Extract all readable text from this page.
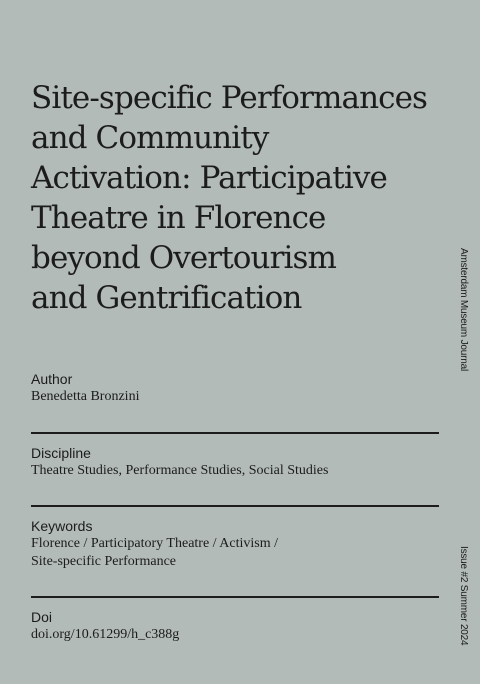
Site-specific Performances
and Community
Activation: Participative
Theatre in Florence
beyond Overtourism
and Gentrification
Author
Benedetta Bronzini
Discipline
Theatre Studies, Performance Studies, Social Studies
Keywords
Florence / Participatory Theatre / Activism /
Site-specific Performance
Doi
doi.org/10.61299/h_c388g
Amsterdam Museum Journal
Issue #2 Summer 2024
